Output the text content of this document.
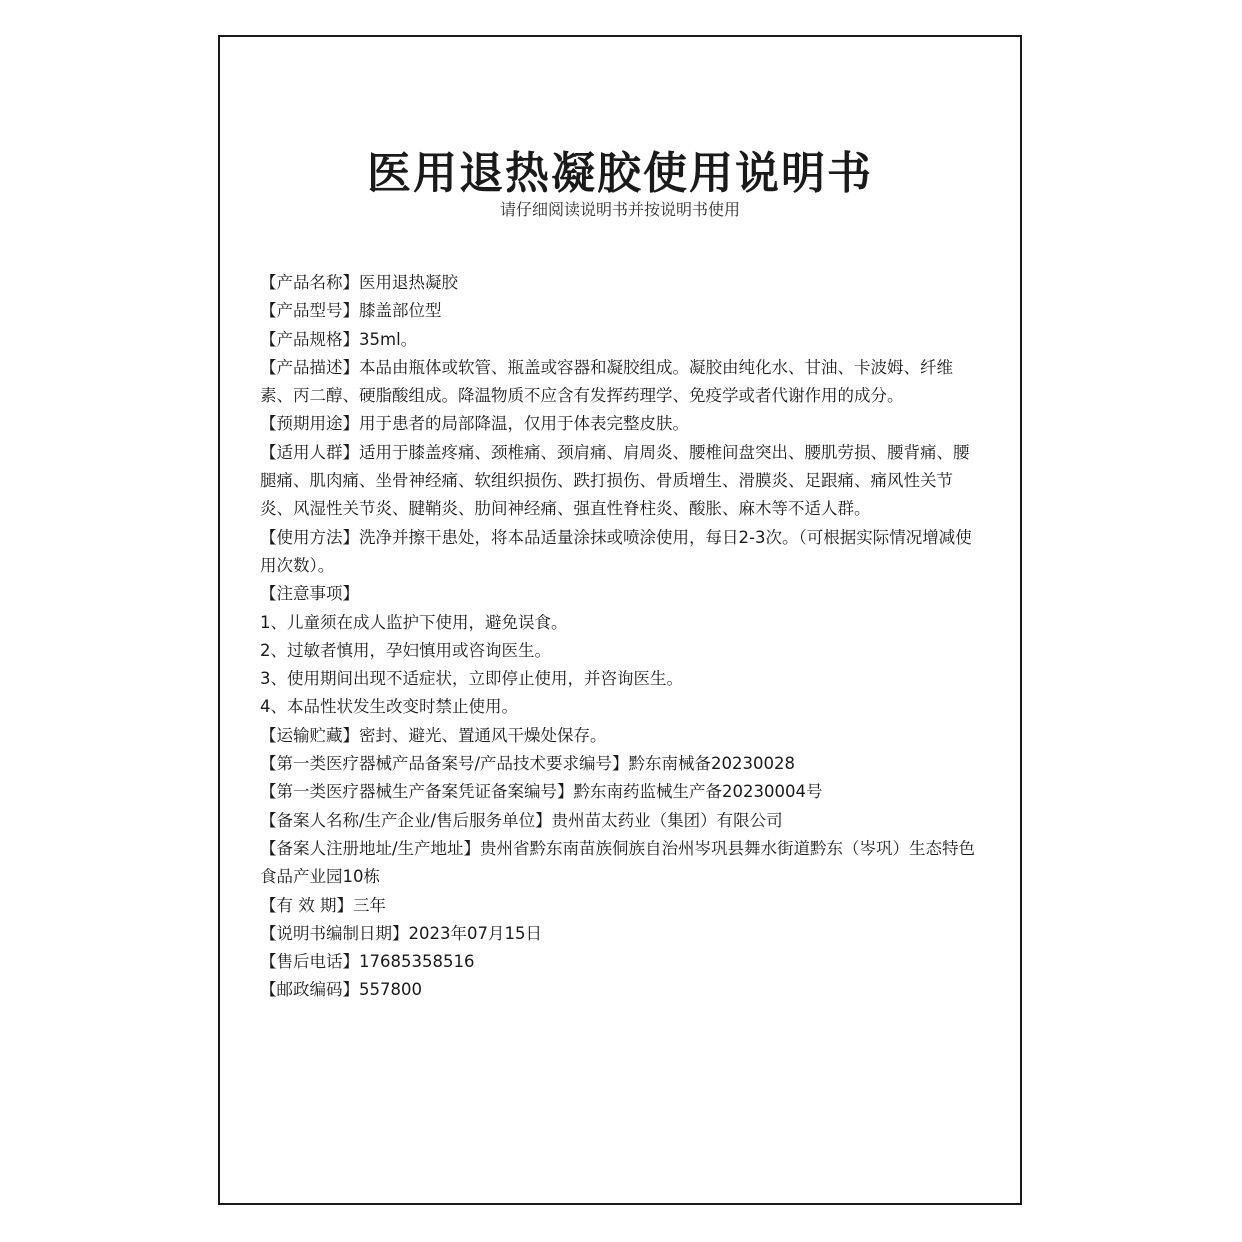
医用退热凝胶使用说明书

请仔细阅读说明书并按说明书使用

【产品名称】医用退热凝胶

【产品型号】膝盖部位型

【产品规格】35ml。

【产品描述】本品由瓶体或软管、瓶盖或容器和凝胶组成。凝胶由纯化水、甘油、卡波姆、纤维素、丙二醇、硬脂酸组成。降温物质不应含有发挥药理学、免疫学或者代谢作用的成分。

【预期用途】用于患者的局部降温，仅用于体表完整皮肤。

【适用人群】适用于膝盖疼痛、颈椎痛、颈肩痛、肩周炎、腰椎间盘突出、腰肌劳损、腰背痛、腰腿痛、肌肉痛、坐骨神经痛、软组织损伤、跌打损伤、骨质增生、滑膜炎、足跟痛、痛风性关节炎、风湿性关节炎、腱鞘炎、肋间神经痛、强直性脊柱炎、酸胀、麻木等不适人群。

【使用方法】洗净并擦干患处，将本品适量涂抹或喷涂使用，每日2-3次。（可根据实际情况增减使用次数）。

【注意事项】

1、儿童须在成人监护下使用，避免误食。

2、过敏者慎用，孕妇慎用或咨询医生。

3、使用期间出现不适症状，立即停止使用，并咨询医生。

4、本品性状发生改变时禁止使用。

【运输贮藏】密封、避光、置通风干燥处保存。

【第一类医疗器械产品备案号/产品技术要求编号】黔东南械备20230028

【第一类医疗器械生产备案凭证备案编号】黔东南药监械生产备20230004号

【备案人名称/生产企业/售后服务单位】贵州苗太药业（集团）有限公司

【备案人注册地址/生产地址】贵州省黔东南苗族侗族自治州岑巩县舞水街道黔东（岑巩）生态特色食品产业园10栋

【有 效 期】三年

【说明书编制日期】2023年07月15日

【售后电话】17685358516

【邮政编码】557800
